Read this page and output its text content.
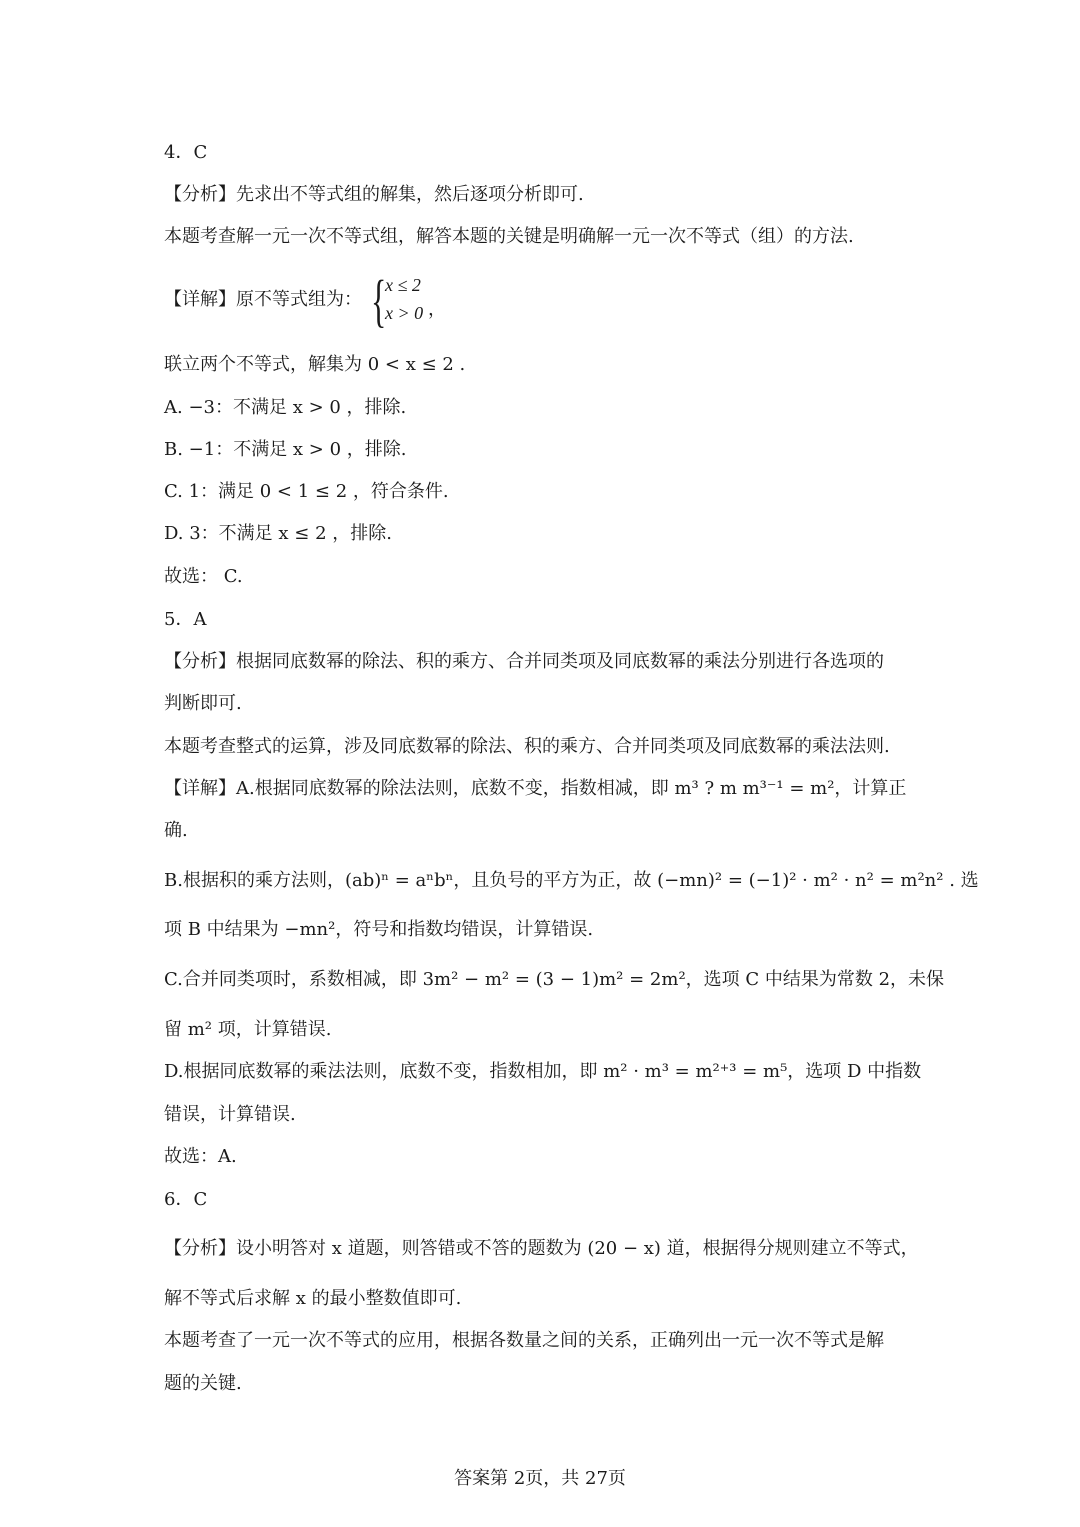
4．C
【分析】先求出不等式组的解集，然后逐项分析即可.
本题考查解一元一次不等式组，解答本题的关键是明确解一元一次不等式（组）的方法.
【详解】原不等式组为： {
x ≤ 2
x > 0 ，
联立两个不等式，解集为 0 < x ≤ 2 .
A. −3：不满足 x > 0 ，排除.
B. −1：不满足 x > 0 ，排除.
C. 1：满足 0 < 1 ≤ 2 ，符合条件.
D. 3：不满足 x ≤ 2 ，排除.
故选： C.
5．A
【分析】根据同底数幂的除法、积的乘方、合并同类项及同底数幂的乘法分别进行各选项的
判断即可.
本题考查整式的运算，涉及同底数幂的除法、积的乘方、合并同类项及同底数幂的乘法法则.
【详解】A.根据同底数幂的除法法则，底数不变，指数相减，即 m³ ? m m³⁻¹ = m²，计算正
确.
B.根据积的乘方法则，(ab)ⁿ = aⁿbⁿ，且负号的平方为正，故 (−mn)² = (−1)² · m² · n² = m²n² . 选
项 B 中结果为 −mn²，符号和指数均错误，计算错误.
C.合并同类项时，系数相减，即 3m² − m² = (3 − 1)m² = 2m²，选项 C 中结果为常数 2，未保
留 m² 项，计算错误.
D.根据同底数幂的乘法法则，底数不变，指数相加，即 m² · m³ = m²⁺³ = m⁵，选项 D 中指数
错误，计算错误.
故选：A.
6．C
【分析】设小明答对 x 道题，则答错或不答的题数为 (20 − x) 道，根据得分规则建立不等式，
解不等式后求解 x 的最小整数值即可.
本题考查了一元一次不等式的应用，根据各数量之间的关系，正确列出一元一次不等式是解
题的关键.
答案第 2页，共 27页
